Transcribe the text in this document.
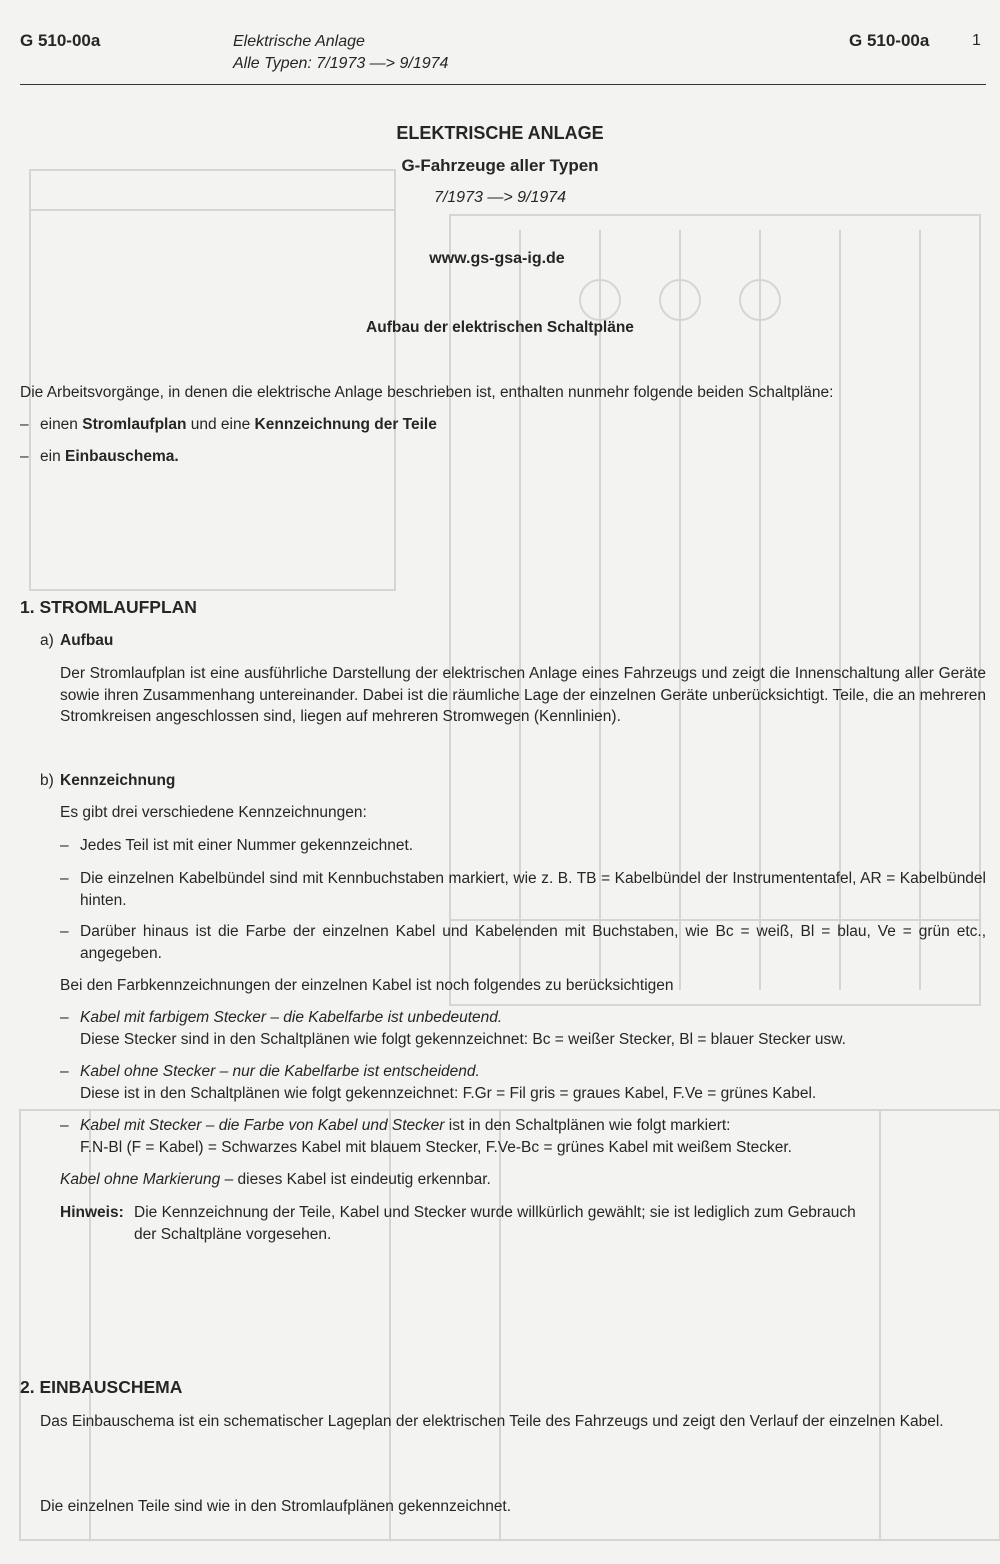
G 510-00a	Elektrische Anlage
Alle Typen: 7/1973 —> 9/1974
G 510-00a	1
ELEKTRISCHE ANLAGE
G-Fahrzeuge aller Typen
7/1973 —> 9/1974
www.gs-gsa-ig.de
Aufbau der elektrischen Schaltpläne
Die Arbeitsvorgänge, in denen die elektrische Anlage beschrieben ist, enthalten nunmehr folgende beiden Schaltpläne:
– einen Stromlaufplan und eine Kennzeichnung der Teile
– ein Einbauschema.
1. STROMLAUFPLAN
a) Aufbau
Der Stromlaufplan ist eine ausführliche Darstellung der elektrischen Anlage eines Fahrzeugs und zeigt die Innenschaltung aller Geräte sowie ihren Zusammenhang untereinander. Dabei ist die räumliche Lage der einzelnen Geräte unberücksichtigt. Teile, die an mehreren Stromkreisen angeschlossen sind, liegen auf mehreren Stromwegen (Kennlinien).
b) Kennzeichnung
Es gibt drei verschiedene Kennzeichnungen:
– Jedes Teil ist mit einer Nummer gekennzeichnet.
– Die einzelnen Kabelbündel sind mit Kennbuchstaben markiert, wie z. B. TB = Kabelbündel der Instrumententafel, AR = Kabelbündel hinten.
– Darüber hinaus ist die Farbe der einzelnen Kabel und Kabelenden mit Buchstaben, wie Bc = weiß, Bl = blau, Ve = grün etc., angegeben.
Bei den Farbkennzeichnungen der einzelnen Kabel ist noch folgendes zu berücksichtigen
– Kabel mit farbigem Stecker – die Kabelfarbe ist unbedeutend.
Diese Stecker sind in den Schaltplänen wie folgt gekennzeichnet: Bc = weißer Stecker, Bl = blauer Stecker usw.
– Kabel ohne Stecker – nur die Kabelfarbe ist entscheidend.
Diese ist in den Schaltplänen wie folgt gekennzeichnet: F.Gr = Fil gris = graues Kabel, F.Ve = grünes Kabel.
– Kabel mit Stecker – die Farbe von Kabel und Stecker ist in den Schaltplänen wie folgt markiert:
F.N-Bl (F = Kabel) = Schwarzes Kabel mit blauem Stecker, F.Ve-Bc = grünes Kabel mit weißem Stecker.
Kabel ohne Markierung – dieses Kabel ist eindeutig erkennbar.
Hinweis: Die Kennzeichnung der Teile, Kabel und Stecker wurde willkürlich gewählt; sie ist lediglich zum Gebrauch
der Schaltpläne vorgesehen.
2. EINBAUSCHEMA
Das Einbauschema ist ein schematischer Lageplan der elektrischen Teile des Fahrzeugs und zeigt den Verlauf der einzelnen Kabel.
Die einzelnen Teile sind wie in den Stromlaufplänen gekennzeichnet.
